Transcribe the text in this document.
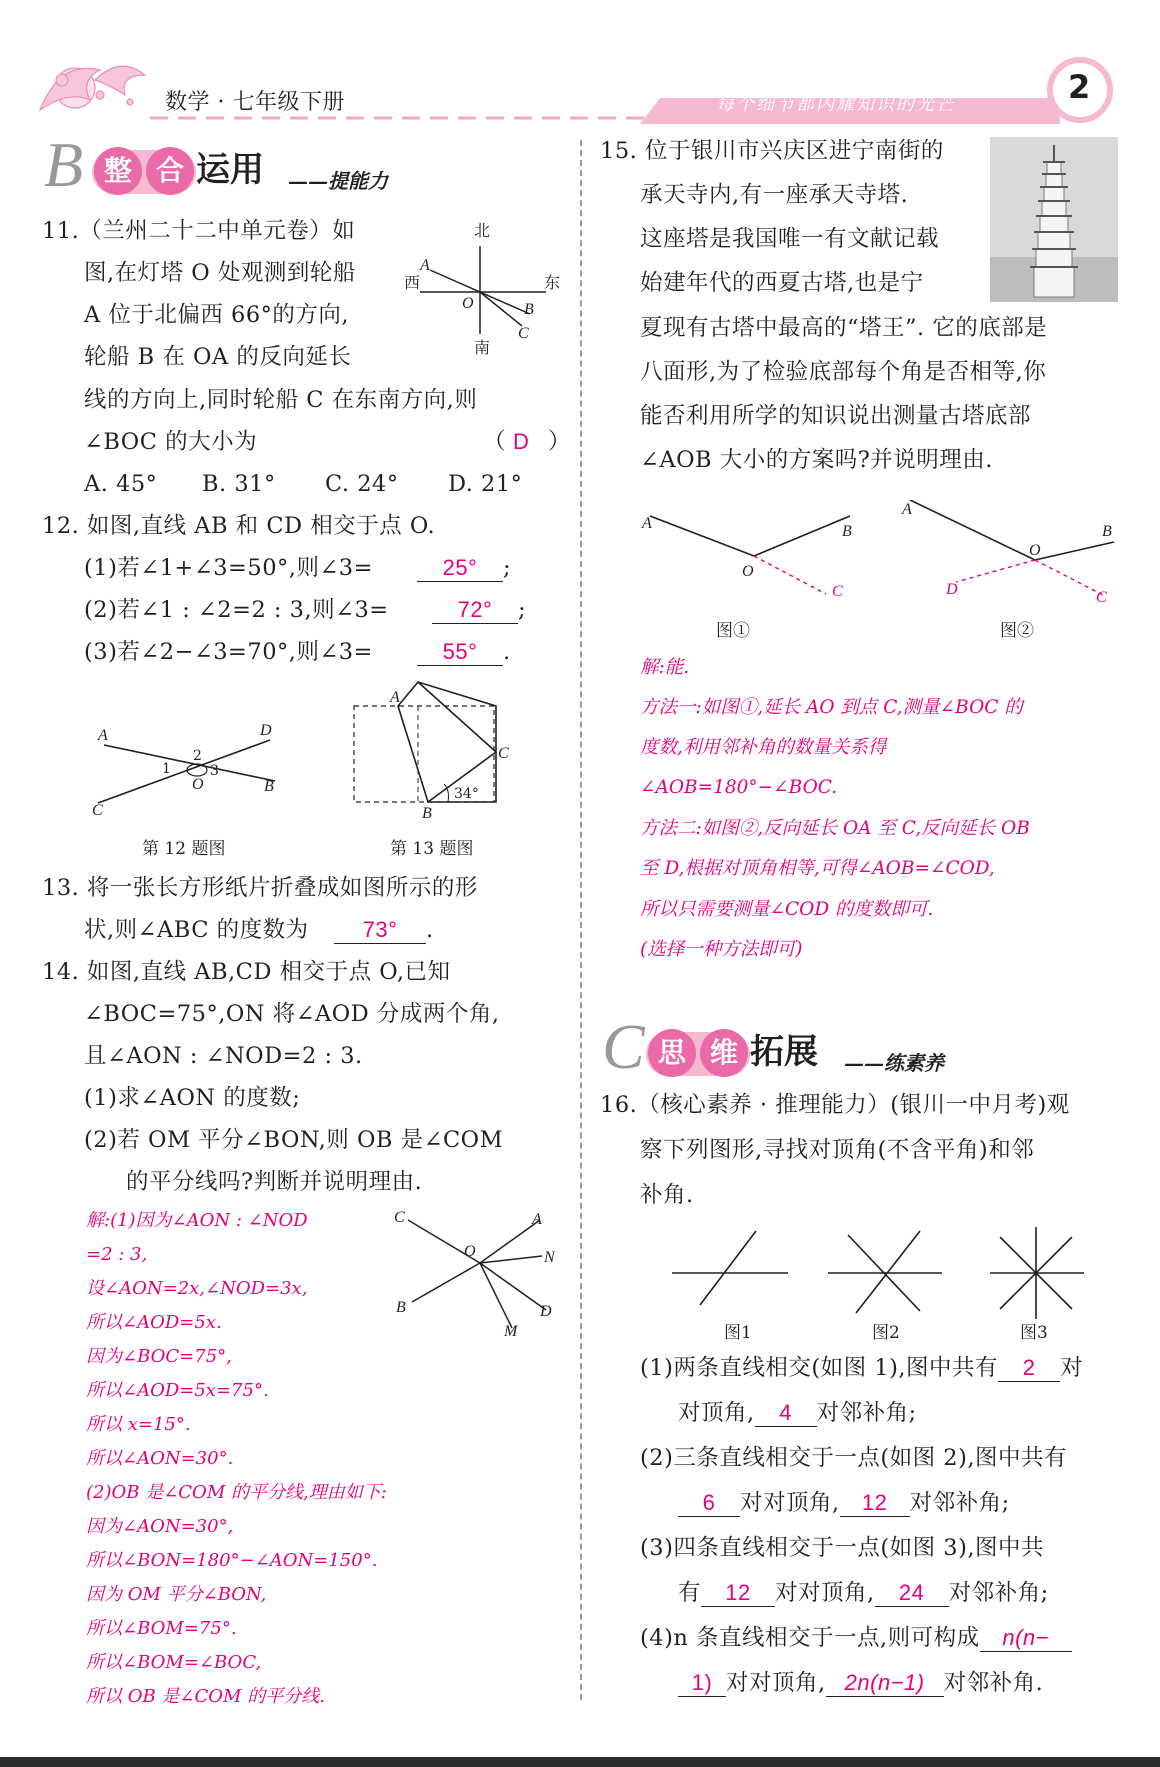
数学 · 七年级下册	每个细节都闪耀知识的光芒	2
B 整 合 运用 ——提能力
11.（兰州二十二中单元卷）如
图,在灯塔 O 处观测到轮船
A 位于北偏西 66°的方向,
轮船 B 在 OA 的反向延长
线的方向上,同时轮船 C 在东南方向,则
∠BOC 的大小为	（ D ）
A. 45° B. 31° C. 24° D. 21°
北
南
东
西
A
B
C
O
12. 如图,直线 AB 和 CD 相交于点 O.
(1)若∠1+∠3=50°,则∠3=	25° ;
(2)若∠1 : ∠2=2 : 3,则∠3=	72° ;
(3)若∠2−∠3=70°,则∠3=	55° .
A
B
C
D
O
1
2
3
第 12 题图
A
B
C
34°
第 13 题图
13. 将一张长方形纸片折叠成如图所示的形
状,则∠ABC 的度数为	73° .
14. 如图,直线 AB,CD 相交于点 O,已知
∠BOC=75°,ON 将∠AOD 分成两个角,
且∠AON : ∠NOD=2 : 3.
(1)求∠AON 的度数;
(2)若 OM 平分∠BON,则 OB 是∠COM
的平分线吗?判断并说明理由.
解:(1)因为∠AON : ∠NOD
=2 : 3,
设∠AON=2x,∠NOD=3x,
所以∠AOD=5x.
因为∠BOC=75°,
所以∠AOD=5x=75°.
所以 x=15°.
所以∠AON=30°.
(2)OB 是∠COM 的平分线,理由如下:
因为∠AON=30°,
所以∠BON=180°−∠AON=150°.
因为 OM 平分∠BON,
所以∠BOM=75°.
所以∠BOM=∠BOC,
所以 OB 是∠COM 的平分线.
C	A
N
D
M
B
O
15. 位于银川市兴庆区进宁南街的
承天寺内,有一座承天寺塔.
这座塔是我国唯一有文献记载
始建年代的西夏古塔,也是宁
夏现有古塔中最高的“塔王”. 它的底部是
八面形,为了检验底部每个角是否相等,你
能否利用所学的知识说出测量古塔底部
∠AOB 大小的方案吗?并说明理由.
A	B
O
C
A
B
O
D	C
图①	图②
解:能.
方法一:如图①,延长 AO 到点 C,测量∠BOC 的
度数,利用邻补角的数量关系得
∠AOB=180°−∠BOC.
方法二:如图②,反向延长 OA 至 C,反向延长 OB
至 D,根据对顶角相等,可得∠AOB=∠COD,
所以只需要测量∠COD 的度数即可.
(选择一种方法即可)
C 思 维 拓展 ——练素养
16.（核心素养 · 推理能力）(银川一中月考)观
察下列图形,寻找对顶角(不含平角)和邻
补角.
图1	图2	图3
(1)两条直线相交(如图 1),图中共有 2 对
对顶角, 4 对邻补角;
(2)三条直线相交于一点(如图 2),图中共有
6 对对顶角, 12 对邻补角;
(3)四条直线相交于一点(如图 3),图中共
有 12 对对顶角, 24 对邻补角;
(4)n 条直线相交于一点,则可构成 n(n−
1) 对对顶角, 2n(n−1) 对邻补角.
